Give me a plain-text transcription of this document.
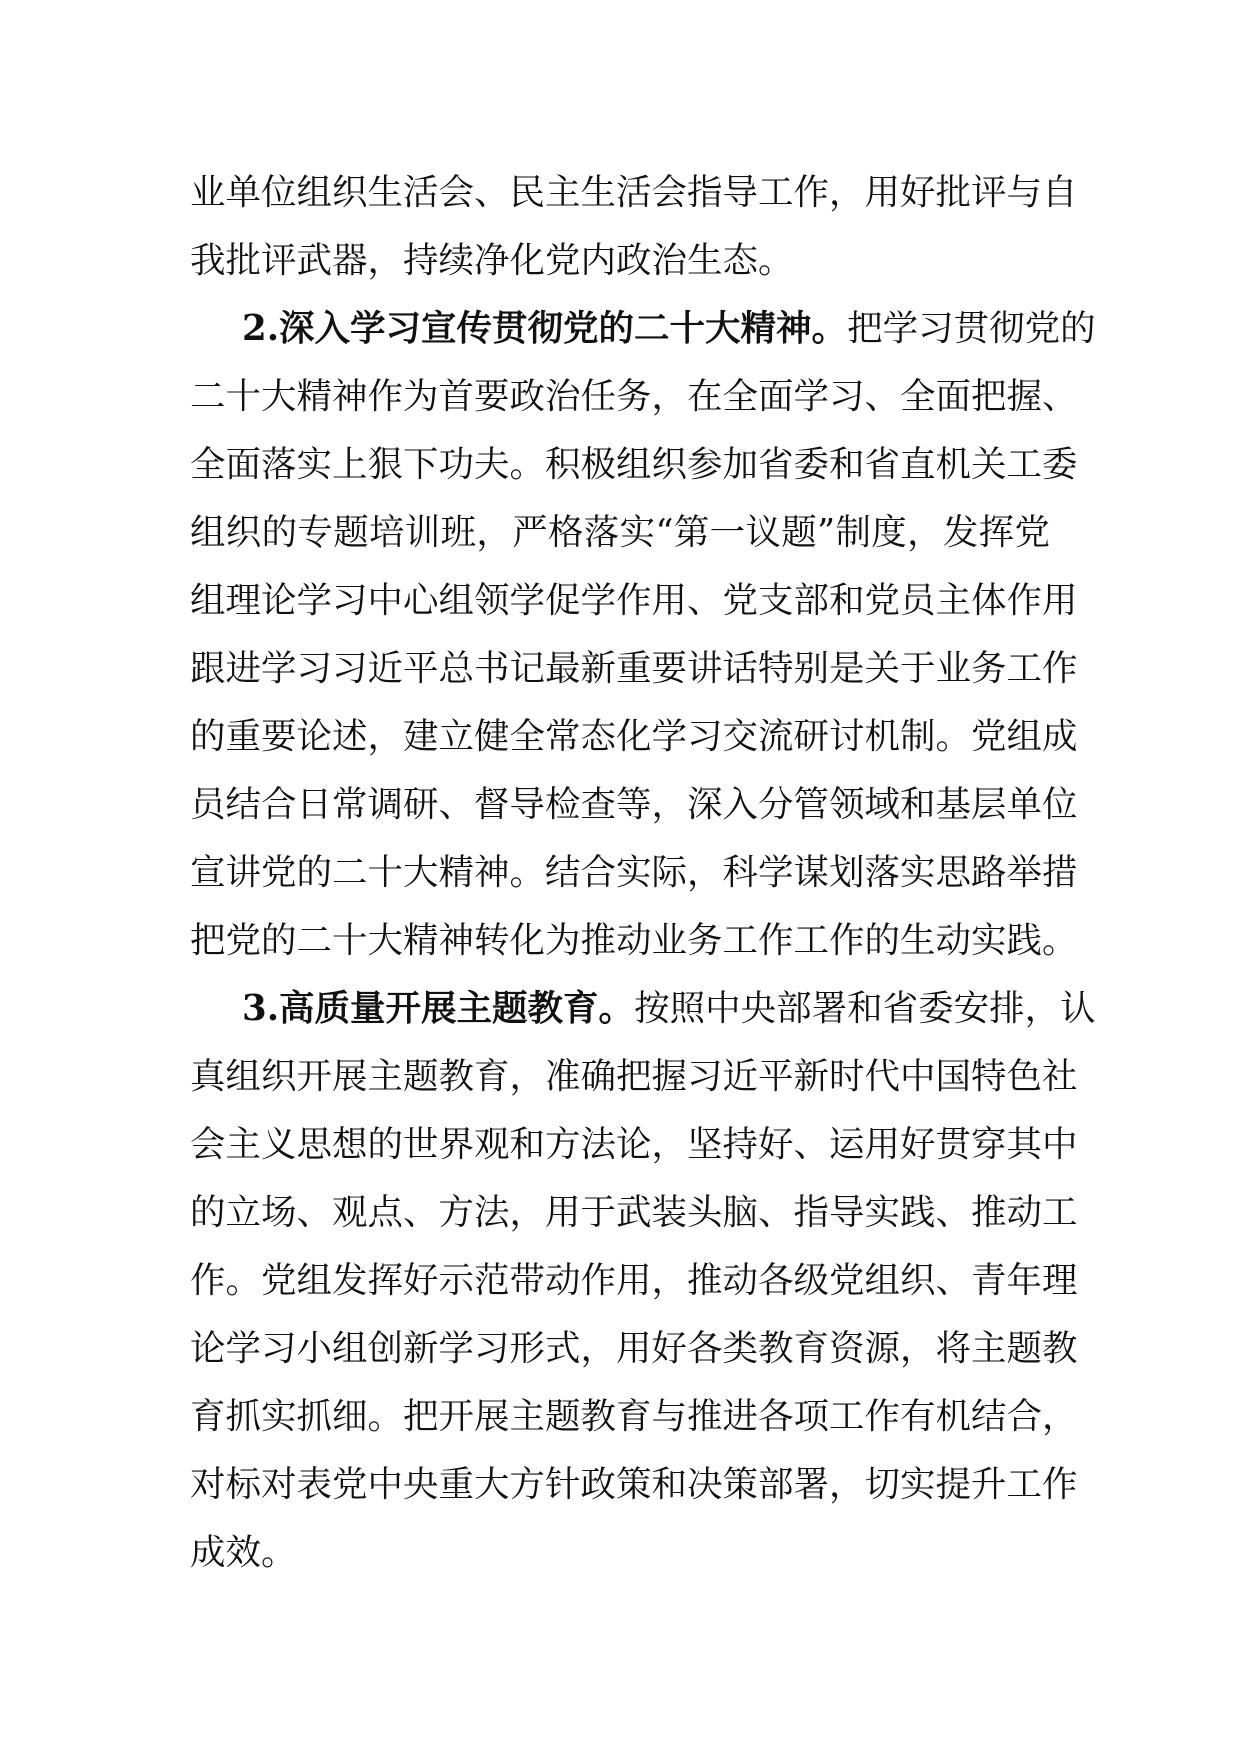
业单位组织生活会、民主生活会指导工作，用好批评与自
我批评武器，持续净化党内政治生态。
2.深入学习宣传贯彻党的二十大精神。把学习贯彻党的
二十大精神作为首要政治任务，在全面学习、全面把握、
全面落实上狠下功夫。积极组织参加省委和省直机关工委
组织的专题培训班，严格落实“第一议题”制度，发挥党
组理论学习中心组领学促学作用、党支部和党员主体作用
跟进学习习近平总书记最新重要讲话特别是关于业务工作
的重要论述，建立健全常态化学习交流研讨机制。党组成
员结合日常调研、督导检查等，深入分管领域和基层单位
宣讲党的二十大精神。结合实际，科学谋划落实思路举措
把党的二十大精神转化为推动业务工作工作的生动实践。
3.高质量开展主题教育。按照中央部署和省委安排，认
真组织开展主题教育，准确把握习近平新时代中国特色社
会主义思想的世界观和方法论，坚持好、运用好贯穿其中
的立场、观点、方法，用于武装头脑、指导实践、推动工
作。党组发挥好示范带动作用，推动各级党组织、青年理
论学习小组创新学习形式，用好各类教育资源，将主题教
育抓实抓细。把开展主题教育与推进各项工作有机结合，
对标对表党中央重大方针政策和决策部署，切实提升工作
成效。
